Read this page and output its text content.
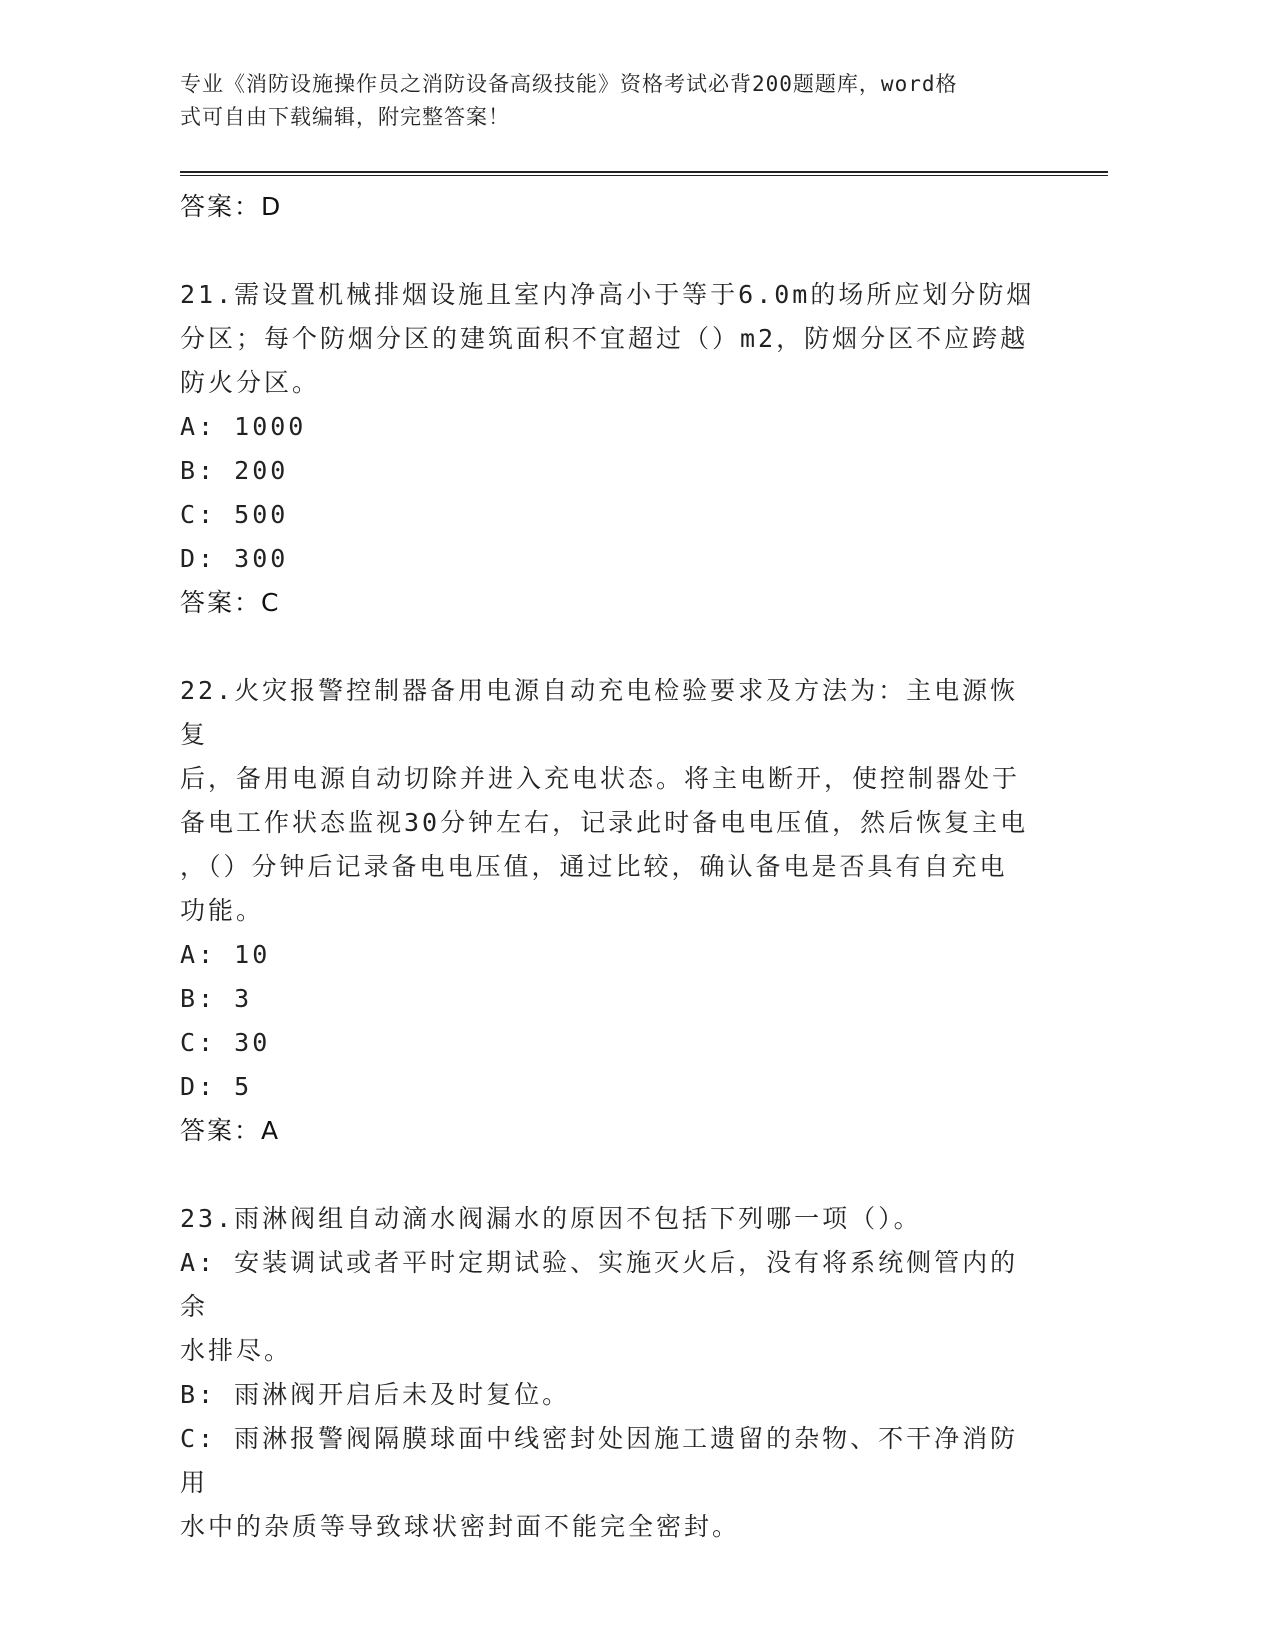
专业《消防设施操作员之消防设备高级技能》资格考试必背200题题库，word格
式可自由下载编辑，附完整答案！
答案：D
21.需设置机械排烟设施且室内净高小于等于6.0m的场所应划分防烟
分区；每个防烟分区的建筑面积不宜超过（）m2，防烟分区不应跨越
防火分区。
A: 1000
B: 200
C: 500
D: 300
答案：C
22.火灾报警控制器备用电源自动充电检验要求及方法为：主电源恢复
后，备用电源自动切除并进入充电状态。将主电断开，使控制器处于
备电工作状态监视30分钟左右，记录此时备电电压值，然后恢复主电
，（）分钟后记录备电电压值，通过比较，确认备电是否具有自充电
功能。
A: 10
B: 3
C: 30
D: 5
答案：A
23.雨淋阀组自动滴水阀漏水的原因不包括下列哪一项（）。
A: 安装调试或者平时定期试验、实施灭火后，没有将系统侧管内的余
水排尽。
B: 雨淋阀开启后未及时复位。
C: 雨淋报警阀隔膜球面中线密封处因施工遗留的杂物、不干净消防用
水中的杂质等导致球状密封面不能完全密封。
